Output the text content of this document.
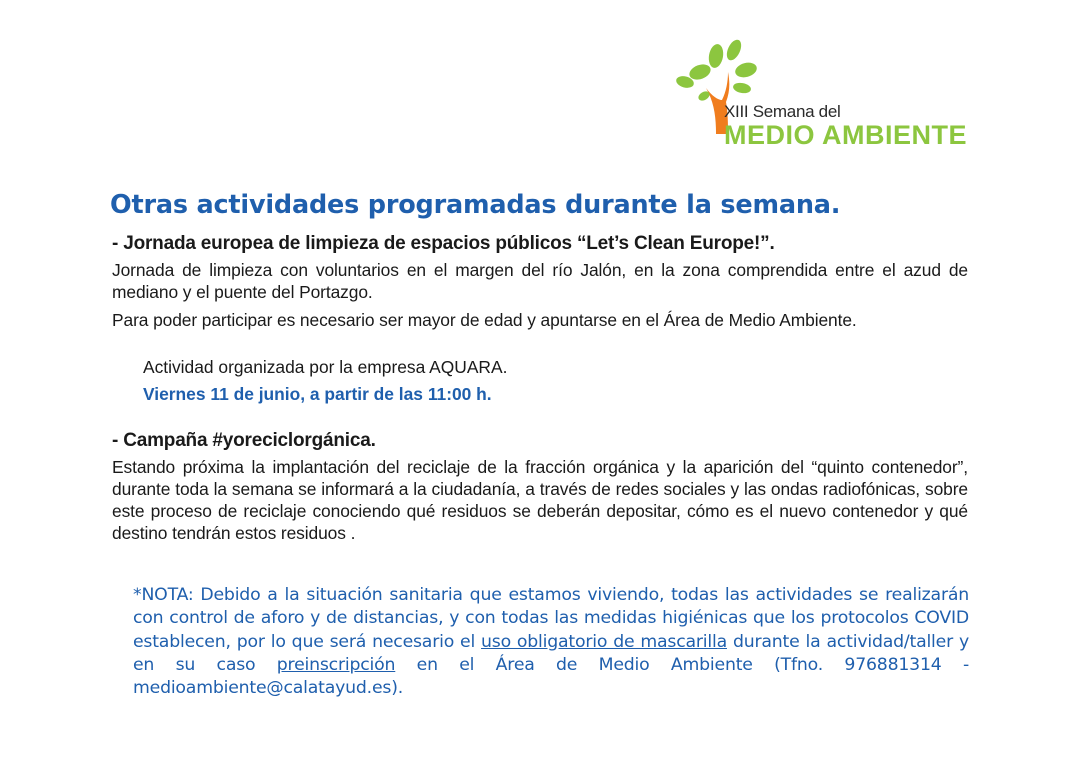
XIII Semana del
MEDIO AMBIENTE
Otras actividades programadas durante la semana.
- Jornada europea de limpieza de espacios públicos “Let’s Clean Europe!”.
Jornada de limpieza con voluntarios en el margen del río Jalón, en la zona comprendida entre el azud de mediano y el puente del Portazgo.
Para poder participar es necesario ser mayor de edad y apuntarse en el Área de Medio Ambiente.
Actividad organizada por la empresa AQUARA.
Viernes 11 de junio, a partir de las 11:00 h.
- Campaña #yoreciclorgánica.
Estando próxima la implantación del reciclaje de la fracción orgánica y la aparición del “quinto contenedor”, durante toda la semana se informará a la ciudadanía, a través de redes sociales y las ondas radiofónicas, sobre este proceso de reciclaje conociendo qué residuos se deberán depositar, cómo es el nuevo contenedor y qué destino tendrán estos residuos .
*NOTA: Debido a la situación sanitaria que estamos viviendo, todas las actividades se realizarán con control de aforo y de distancias, y con todas las medidas higiénicas que los protocolos COVID establecen, por lo que será necesario el uso obligatorio de mascarilla durante la actividad/taller y en su caso preinscripción en el Área de Medio Ambiente (Tfno. 976881314 - medioambiente@calatayud.es).
